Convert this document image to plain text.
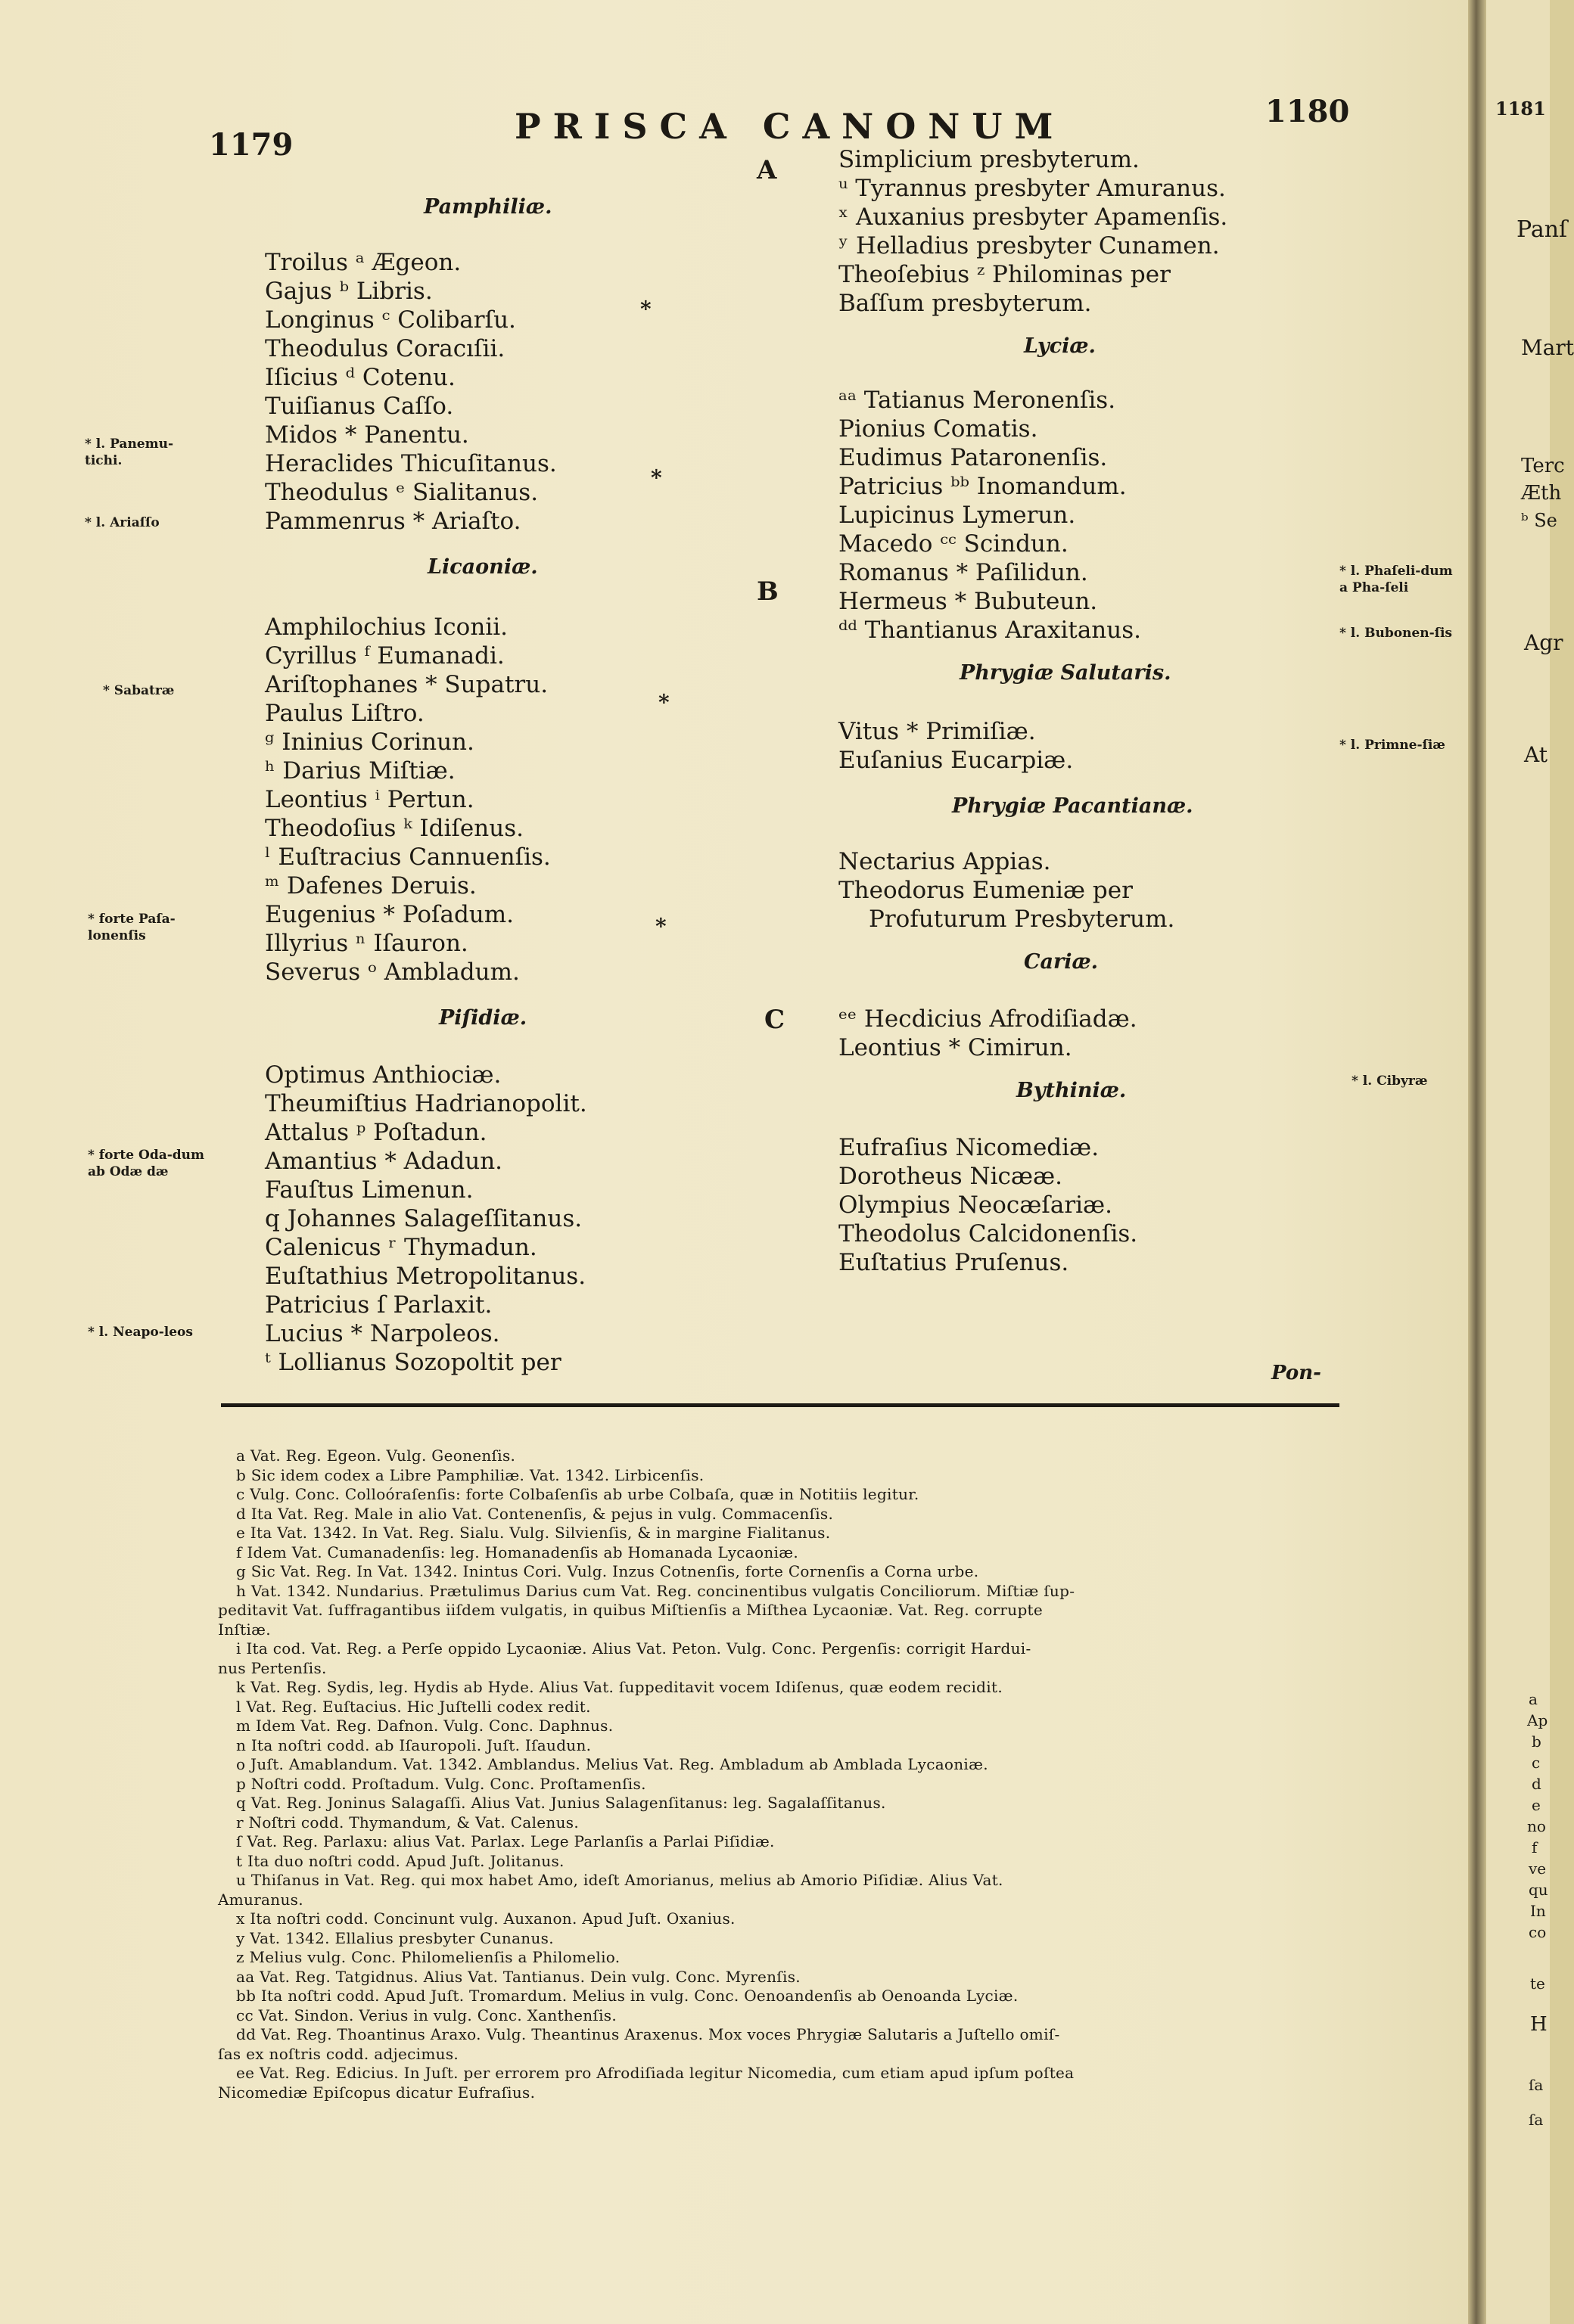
1179	PRISCA CANONUM	1180
A
B
C
*
*
*
*
Pamphiliæ.
Troilus ᵃ Ægeon.
Gajus ᵇ Libris.
Longinus ᶜ Colibarſu.
Theodulus Coracıſii.
Iſicius ᵈ Cotenu.
Tuiſianus Caſſo.
Midos * Panentu.
Heraclides Thicuſitanus.
Theodulus ᵉ Sialitanus.
Pammenrus * Ariaſto.
Licaoniæ.
Amphilochius Iconii.
Cyrillus ᶠ Eumanadi.
Ariſtophanes * Supatru.
Paulus Liſtro.
ᵍ Ininius Corinun.
ʰ Darius Miſtiæ.
Leontius ⁱ Pertun.
Theodoſius ᵏ Idiſenus.
ˡ Euſtracius Cannuenſis.
ᵐ Dafenes Deruis.
Eugenius * Poſadum.
Illyrius ⁿ Iſauron.
Severus ᵒ Ambladum.
Piſidiæ.
Optimus Anthiociæ.
Theumiſtius Hadrianopolit.
Attalus ᵖ Poſtadun.
Amantius * Adadun.
Fauſtus Limenun.
q Johannes Salageſſitanus.
Calenicus ʳ Thymadun.
Euſtathius Metropolitanus.
Patricius ſ Parlaxit.
Lucius * Narpoleos.
ᵗ Lollianus Sozopoltit per
Simplicium presbyterum.
ᵘ Tyrannus presbyter Amuranus.
ˣ Auxanius presbyter Apamenſis.
ʸ Helladius presbyter Cunamen.
Theoſebius ᶻ Philominas per
Baſſum presbyterum.
Lyciæ.
ᵃᵃ Tatianus Meronenſis.
Pionius Comatis.
Eudimus Pataronenſis.
Patricius ᵇᵇ Inomandum.
Lupicinus Lymerun.
Macedo ᶜᶜ Scindun.
Romanus * Paſilidun.
Hermeus * Bubuteun.
ᵈᵈ Thantianus Araxitanus.
Phrygiæ Salutaris.
Vitus * Primiſiæ.
Euſanius Eucarpiæ.
Phrygiæ Pacantianæ.
Nectarius Appias.
Theodorus Eumeniæ per
Profuturum Presbyterum.
Cariæ.
ᵉᵉ Hecdicius Afrodiſiadæ.
Leontius * Cimirun.
Bythiniæ.
Eufraſius Nicomediæ.
Dorotheus Nicææ.
Olympius Neocæſariæ.
Theodolus Calcidonenſis.
Euſtatius Pruſenus.
* l. Panemu-tichi.
* l. Ariaſſo
* Sabatræ
* forte Paſa-lonenſis
* forte Oda-dum ab Odæ dæ
* l. Neapo-leos
* l. Phaſeli-dum a Pha-ſeli
* l. Bubonen-ſis
* l. Primne-ſiæ
* l. Cibyræ
Pon-
a Vat. Reg. Egeon. Vulg. Geonenſis.
b Sic idem codex a Libre Pamphiliæ. Vat. 1342. Lirbicenſis.
c Vulg. Conc. Colloóraſenſis: forte Colbaſenſis ab urbe Colbaſa, quæ in Notitiis legitur.
d Ita Vat. Reg. Male in alio Vat. Contenenſis, & pejus in vulg. Commacenſis.
e Ita Vat. 1342. In Vat. Reg. Sialu. Vulg. Silvienſis, & in margine Fialitanus.
f Idem Vat. Cumanadenſis: leg. Homanadenſis ab Homanada Lycaoniæ.
g Sic Vat. Reg. In Vat. 1342. Inintus Cori. Vulg. Inzus Cotnenſis, forte Cornenſis a Corna urbe.
h Vat. 1342. Nundarius. Prætulimus Darius cum Vat. Reg. concinentibus vulgatis Conciliorum. Miſtiæ ſup-
peditavit Vat. ſuffragantibus iiſdem vulgatis, in quibus Miſtienſis a Miſthea Lycaoniæ. Vat. Reg. corrupte
Inſtiæ.
i Ita cod. Vat. Reg. a Perſe oppido Lycaoniæ. Alius Vat. Peton. Vulg. Conc. Pergenſis: corrigit Hardui-
nus Pertenſis.
k Vat. Reg. Sydis, leg. Hydis ab Hyde. Alius Vat. ſuppeditavit vocem Idiſenus, quæ eodem recidit.
l Vat. Reg. Euſtacius. Hic Juſtelli codex redit.
m Idem Vat. Reg. Dafnon. Vulg. Conc. Daphnus.
n Ita noſtri codd. ab Iſauropoli. Juſt. Iſaudun.
o Juſt. Amablandum. Vat. 1342. Amblandus. Melius Vat. Reg. Ambladum ab Amblada Lycaoniæ.
p Noſtri codd. Proſtadum. Vulg. Conc. Proſtamenſis.
q Vat. Reg. Joninus Salagaſſi. Alius Vat. Junius Salagenſitanus: leg. Sagalaſſitanus.
r Noſtri codd. Thymandum, & Vat. Calenus.
ſ Vat. Reg. Parlaxu: alius Vat. Parlax. Lege Parlanſis a Parlai Piſidiæ.
t Ita duo noſtri codd. Apud Juſt. Jolitanus.
u Thiſanus in Vat. Reg. qui mox habet Amo, ideſt Amorianus, melius ab Amorio Piſidiæ. Alius Vat.
Amuranus.
x Ita noſtri codd. Concinunt vulg. Auxanon. Apud Juſt. Oxanius.
y Vat. 1342. Ellalius presbyter Cunanus.
z Melius vulg. Conc. Philomelienſis a Philomelio.
aa Vat. Reg. Tatgidnus. Alius Vat. Tantianus. Dein vulg. Conc. Myrenſis.
bb Ita noſtri codd. Apud Juſt. Tromardum. Melius in vulg. Conc. Oenoandenſis ab Oenoanda Lyciæ.
cc Vat. Sindon. Verius in vulg. Conc. Xanthenſis.
dd Vat. Reg. Thoantinus Araxo. Vulg. Theantinus Araxenus. Mox voces Phrygiæ Salutaris a Juſtello omiſ-
ſas ex noſtris codd. adjecimus.
ee Vat. Reg. Edicius. In Juſt. per errorem pro Afrodiſiada legitur Nicomedia, cum etiam apud ipſum poſtea
Nicomediæ Epiſcopus dicatur Eufraſius.
1181
Panſ
Mart
Terc
Æth
ᵇ Se
Agr
At
a
Ap
b
c
d
e
no
f
ve
qu
In
co
te
H
ſa
ſa
